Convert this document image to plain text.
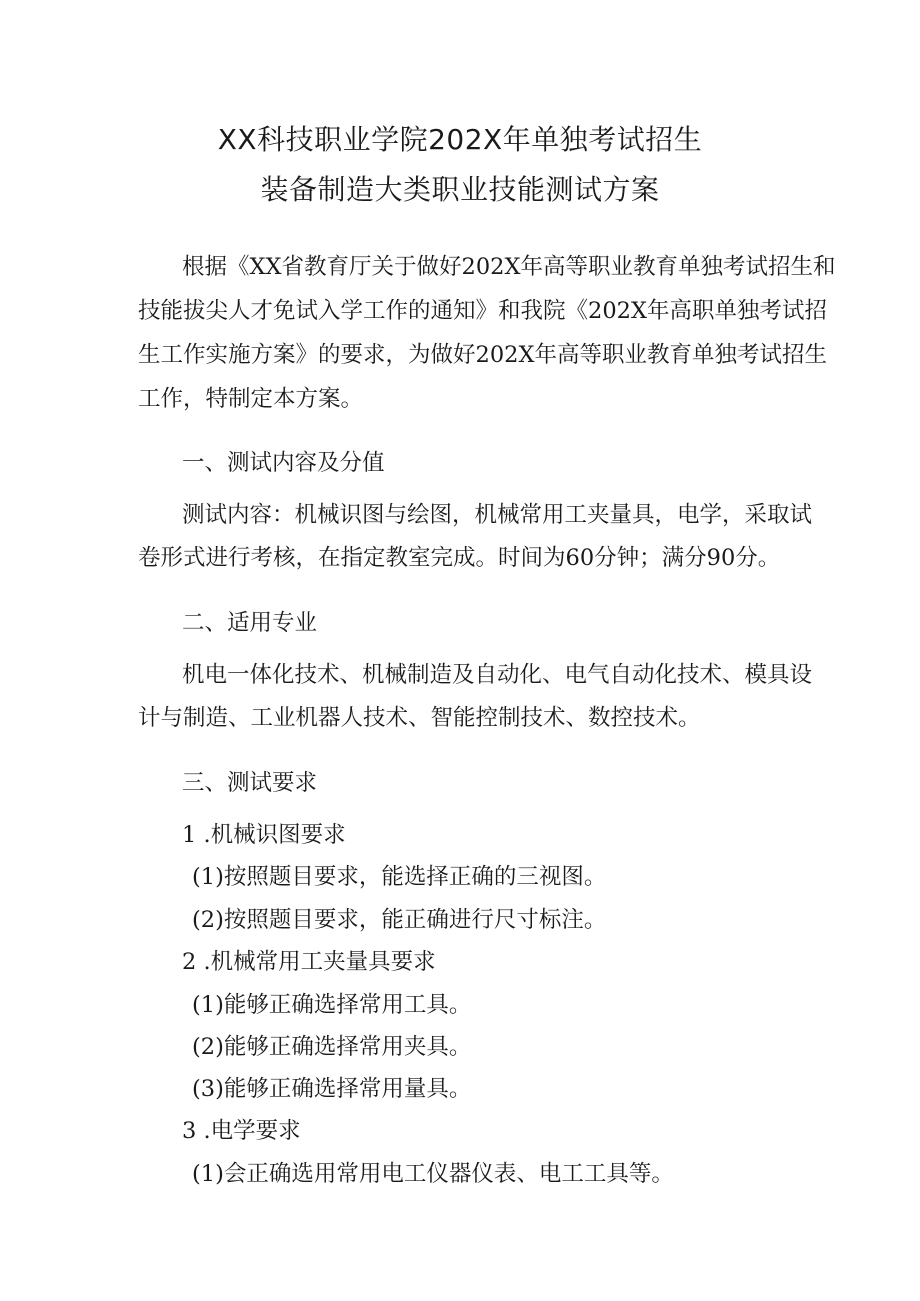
XX科技职业学院202X年单独考试招生
装备制造大类职业技能测试方案
根据《XX省教育厅关于做好202X年高等职业教育单独考试招生和
技能拔尖人才免试入学工作的通知》和我院《202X年高职单独考试招
生工作实施方案》的要求，为做好202X年高等职业教育单独考试招生
工作，特制定本方案。
一、测试内容及分值
测试内容：机械识图与绘图，机械常用工夹量具，电学，采取试
卷形式进行考核，在指定教室完成。时间为60分钟；满分90分。
二、适用专业
机电一体化技术、机械制造及自动化、电气自动化技术、模具设
计与制造、工业机器人技术、智能控制技术、数控技术。
三、测试要求
1 .机械识图要求
(1)按照题目要求，能选择正确的三视图。
(2)按照题目要求，能正确进行尺寸标注。
2 .机械常用工夹量具要求
(1)能够正确选择常用工具。
(2)能够正确选择常用夹具。
(3)能够正确选择常用量具。
3 .电学要求
(1)会正确选用常用电工仪器仪表、电工工具等。
